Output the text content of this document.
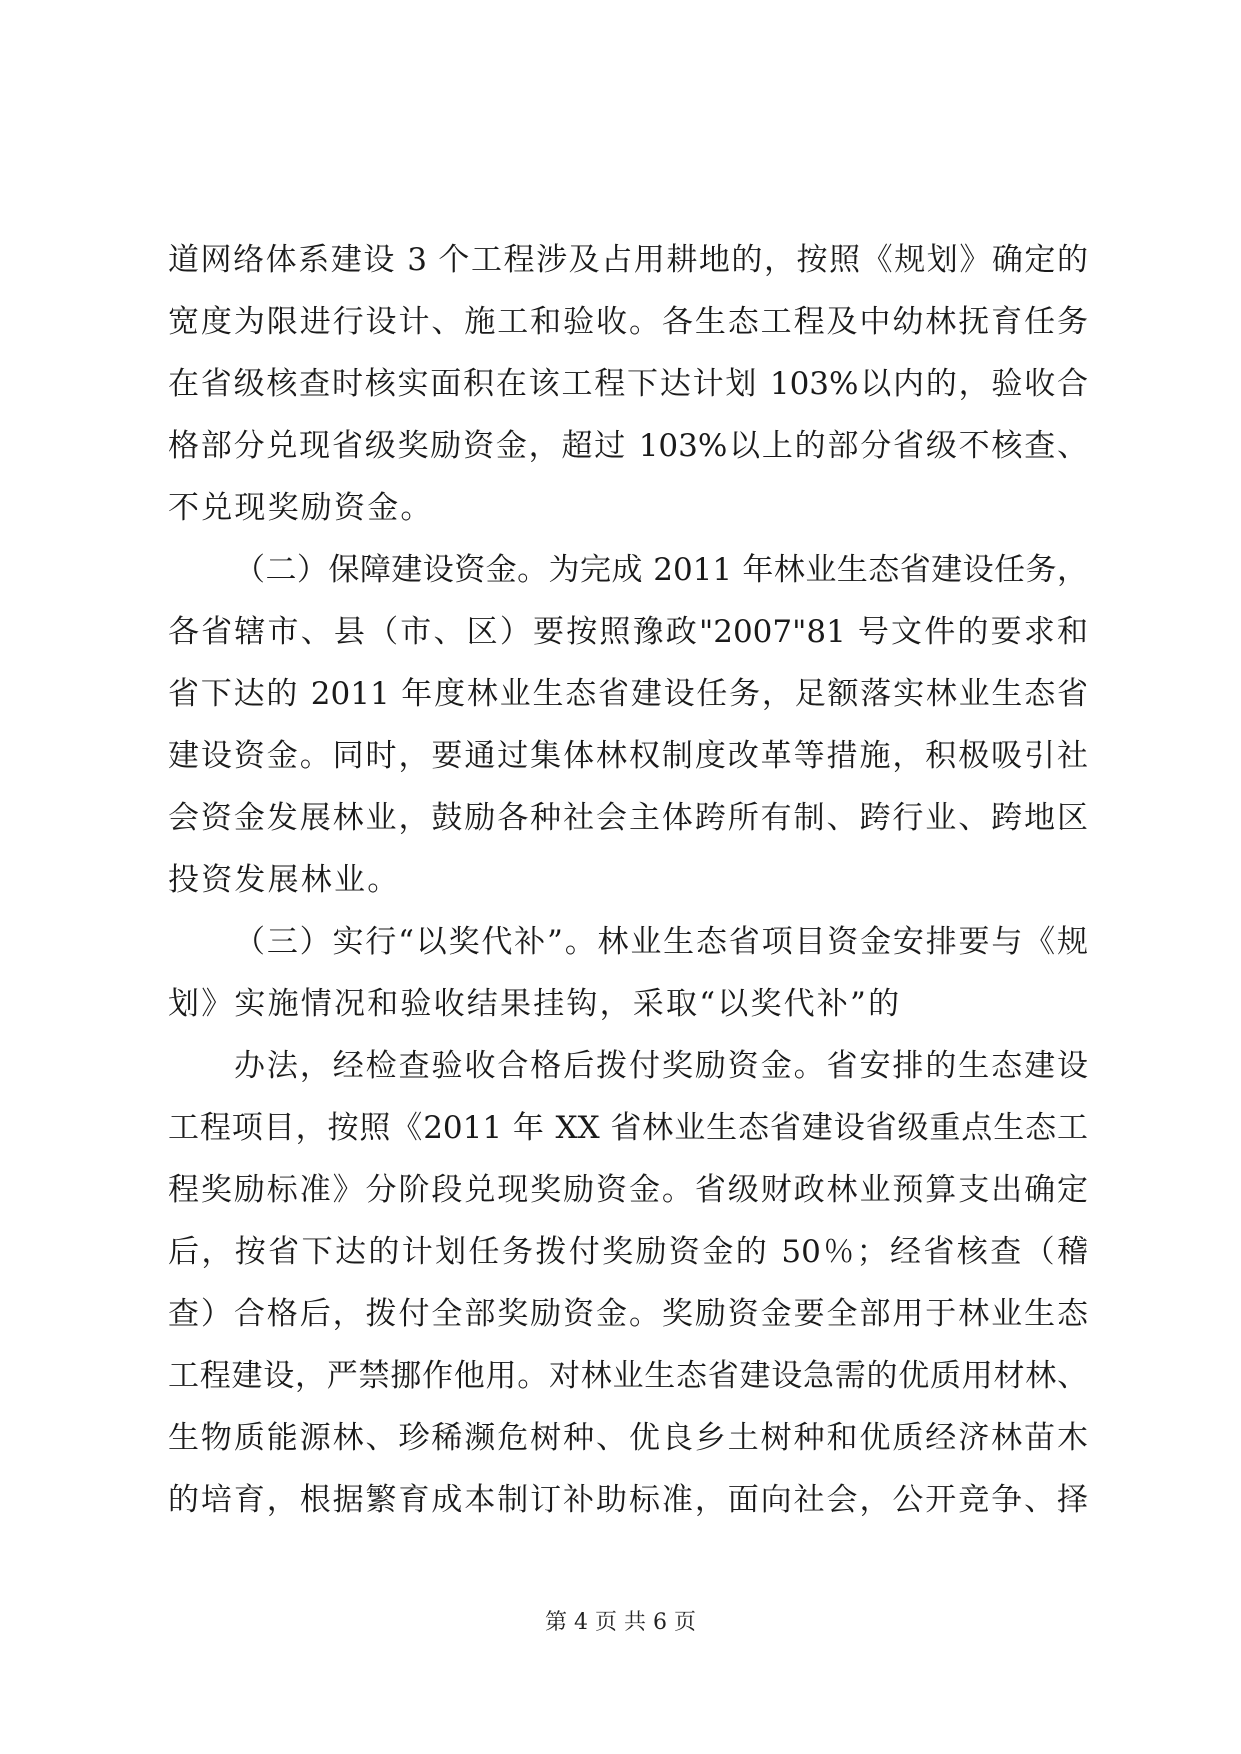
道网络体系建设 3 个工程涉及占用耕地的，按照《规划》确定的
宽度为限进行设计、施工和验收。各生态工程及中幼林抚育任务
在省级核查时核实面积在该工程下达计划 103%以内的，验收合
格部分兑现省级奖励资金，超过 103%以上的部分省级不核查、
不兑现奖励资金。
（二）保障建设资金。为完成 2011 年林业生态省建设任务，
各省辖市、县（市、区）要按照豫政"2007"81 号文件的要求和
省下达的 2011 年度林业生态省建设任务，足额落实林业生态省
建设资金。同时，要通过集体林权制度改革等措施，积极吸引社
会资金发展林业，鼓励各种社会主体跨所有制、跨行业、跨地区
投资发展林业。
（三）实行“以奖代补”。林业生态省项目资金安排要与《规
划》实施情况和验收结果挂钩，采取“以奖代补”的
办法，经检查验收合格后拨付奖励资金。省安排的生态建设
工程项目，按照《2011 年 XX 省林业生态省建设省级重点生态工
程奖励标准》分阶段兑现奖励资金。省级财政林业预算支出确定
后，按省下达的计划任务拨付奖励资金的 50％；经省核查（稽
查）合格后，拨付全部奖励资金。奖励资金要全部用于林业生态
工程建设，严禁挪作他用。对林业生态省建设急需的优质用材林、
生物质能源林、珍稀濒危树种、优良乡土树种和优质经济林苗木
的培育，根据繁育成本制订补助标准，面向社会，公开竞争、择
第 4 页 共 6 页
